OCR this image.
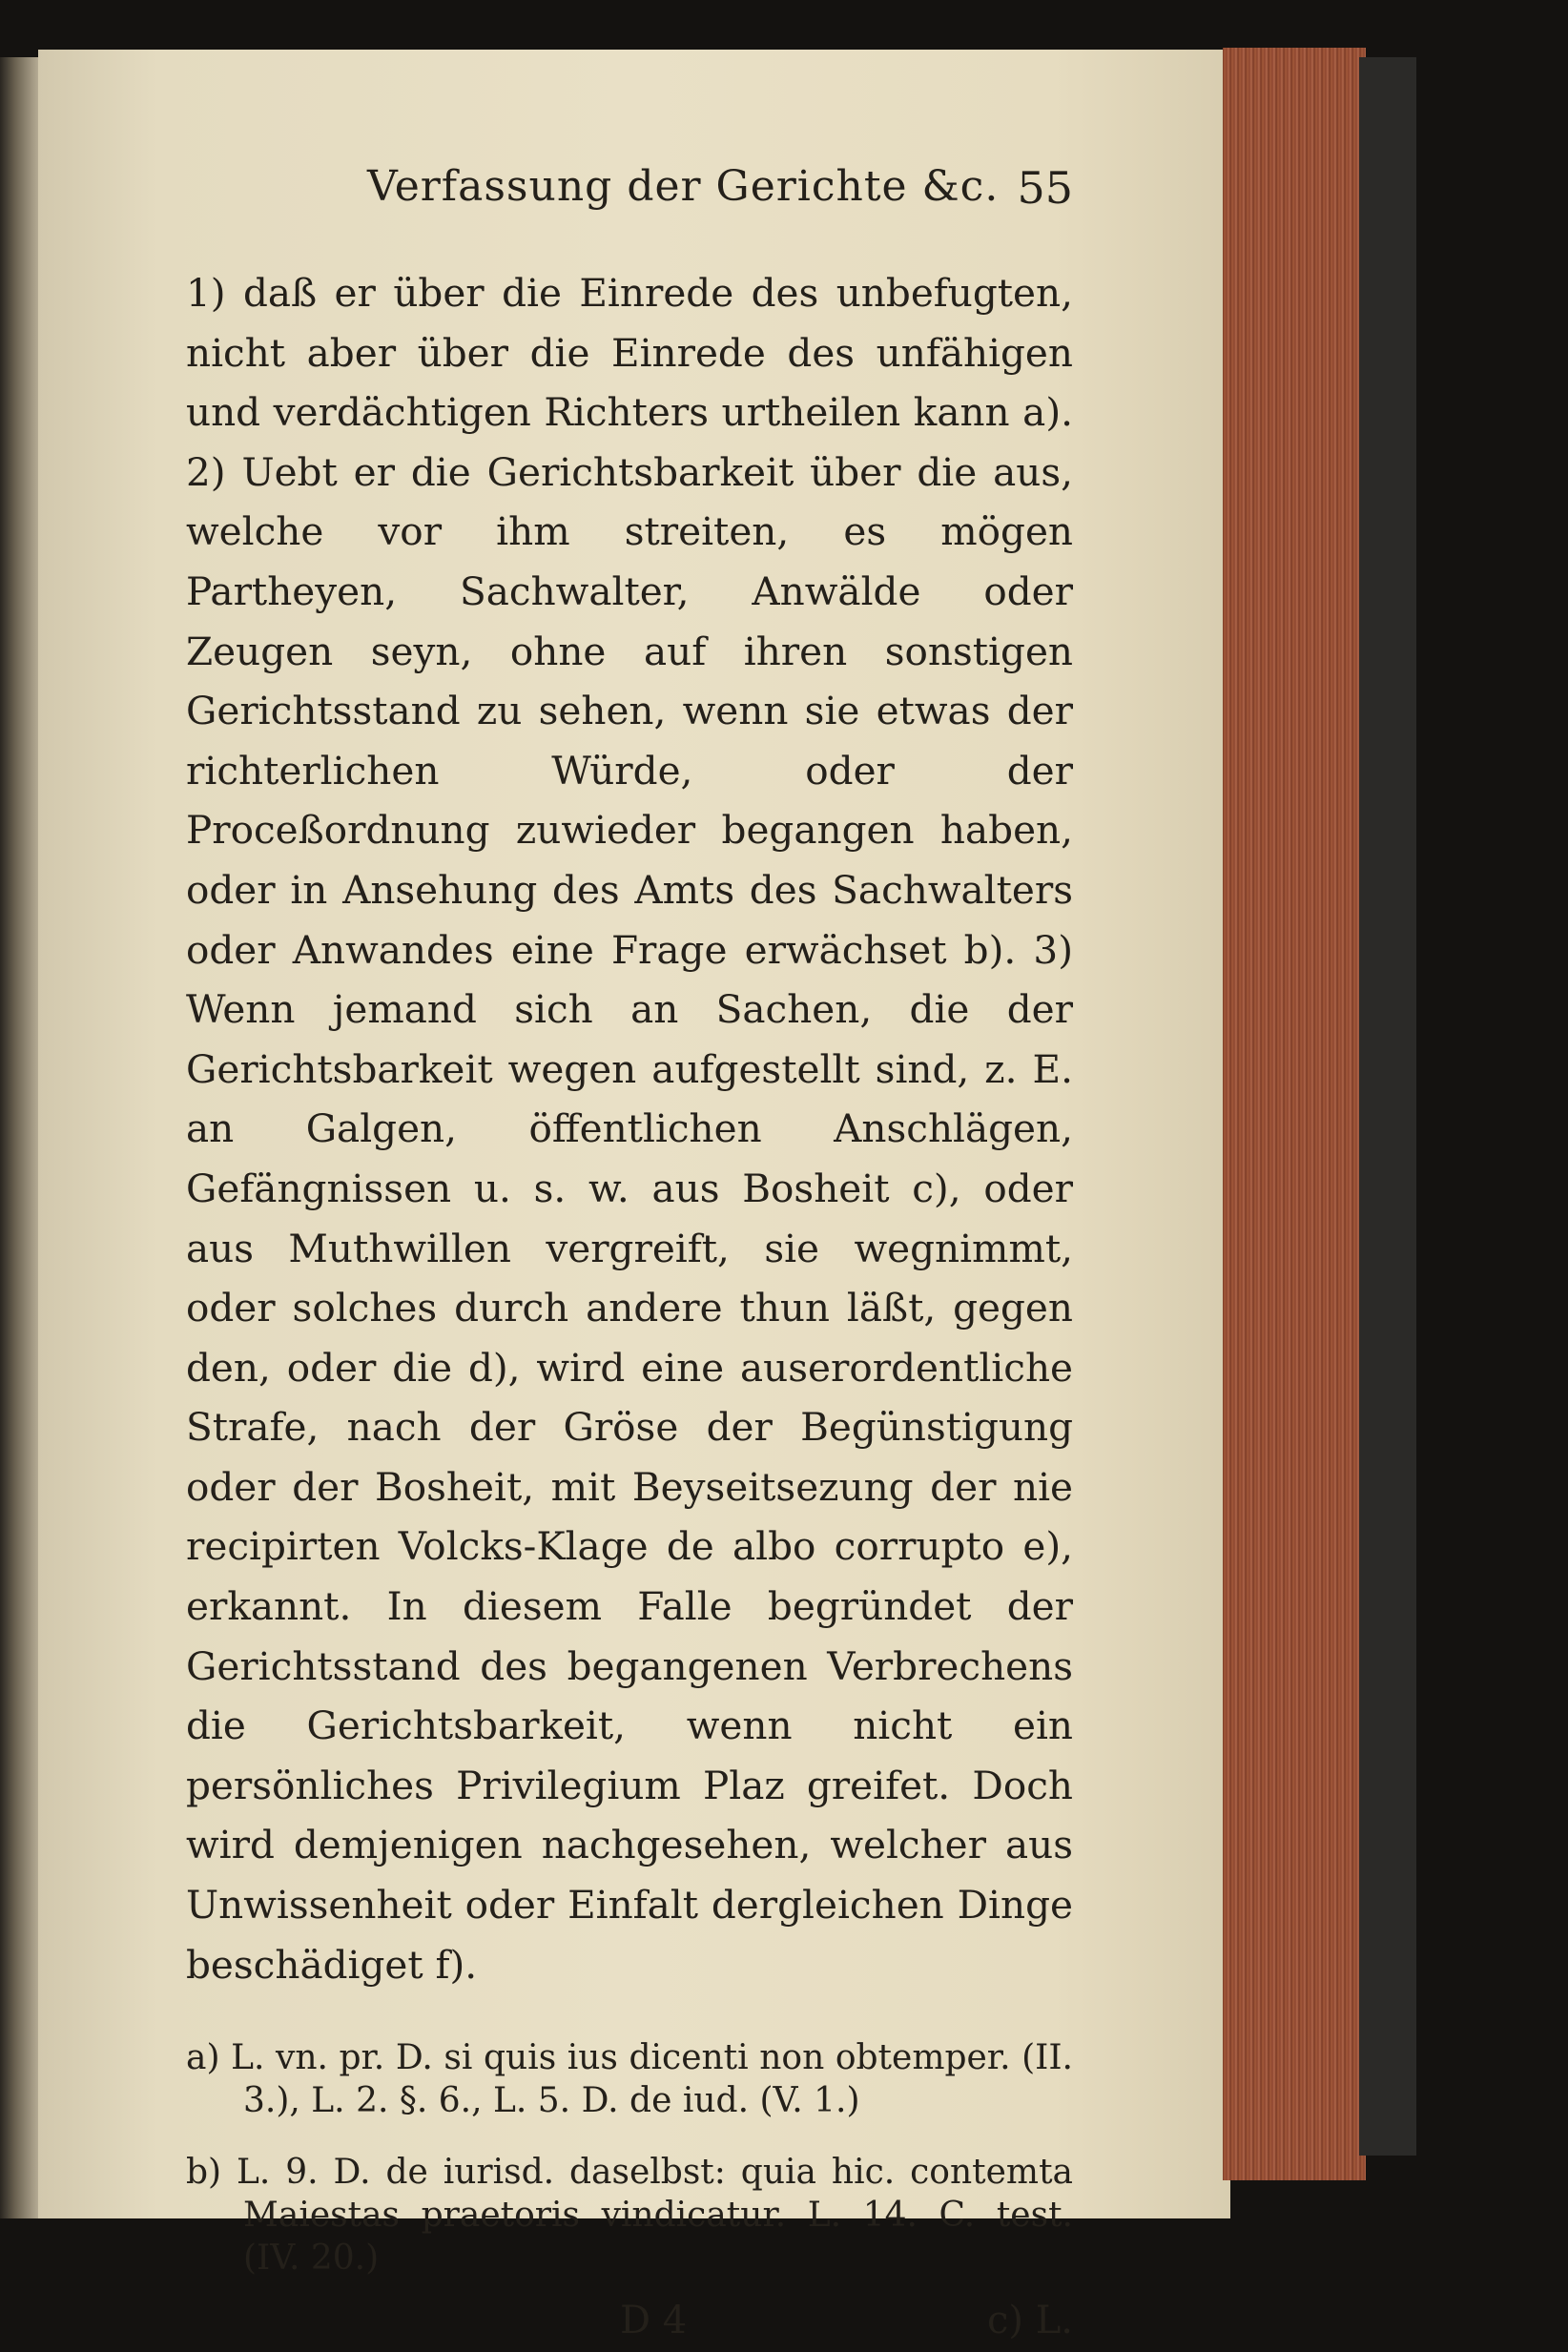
Verfassung der Gerichte &c. 55
1) daß er über die Einrede des unbefugten, nicht aber über die Einrede des unfähigen und verdächtigen Richters urtheilen kann a). 2) Uebt er die Gerichtsbarkeit über die aus, welche vor ihm streiten, es mögen Partheyen, Sachwalter, Anwälde oder Zeugen seyn, ohne auf ihren sonstigen Gerichtsstand zu sehen, wenn sie etwas der richterlichen Würde, oder der Proceßordnung zuwieder begangen haben, oder in Ansehung des Amts des Sachwalters oder Anwandes eine Frage erwächset b). 3) Wenn jemand sich an Sachen, die der Gerichtsbarkeit wegen aufgestellt sind, z. E. an Galgen, öffentlichen Anschlägen, Gefängnissen u. s. w. aus Bosheit c), oder aus Muthwillen vergreift, sie wegnimmt, oder solches durch andere thun läßt, gegen den, oder die d), wird eine auserordentliche Strafe, nach der Gröse der Begünstigung oder der Bosheit, mit Beyseitsezung der nie recipirten Volcks-Klage de albo corrupto e), erkannt. In diesem Falle begründet der Gerichtsstand des begangenen Verbrechens die Gerichtsbarkeit, wenn nicht ein persönliches Privilegium Plaz greifet. Doch wird demjenigen nachgesehen, welcher aus Unwissenheit oder Einfalt dergleichen Dinge beschädiget f).
a) L. vn. pr. D. si quis ius dicenti non obtemper. (II. 3.), L. 2. §. 6., L. 5. D. de iud. (V. 1.)
b) L. 9. D. de iurisd. daselbst: quia hic. contemta Maiestas praetoris vindicatur. L. 14. C. test. (IV. 20.)
D 4	c) L.
